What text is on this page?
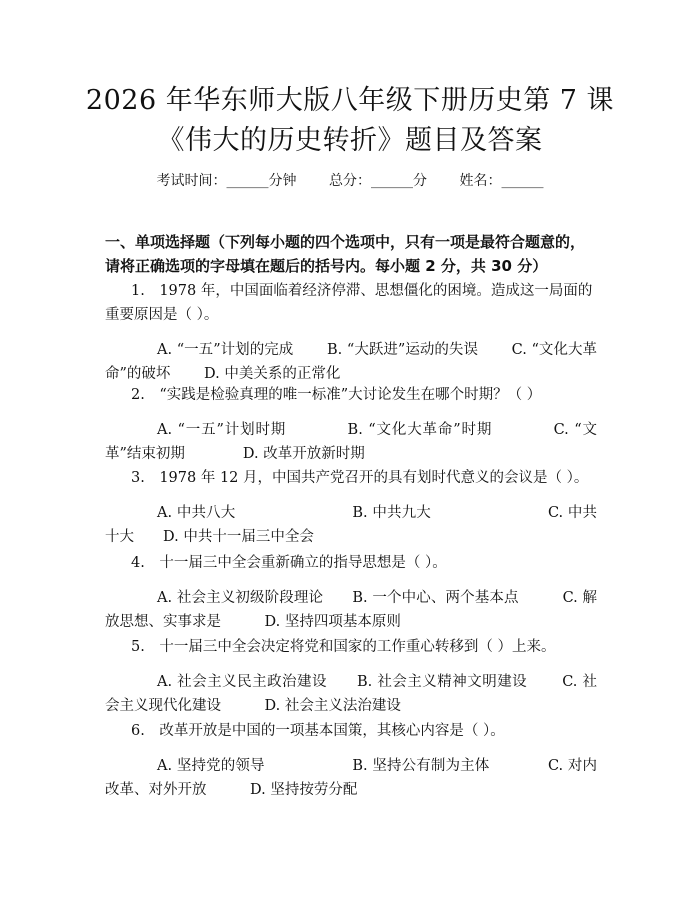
2026 年华东师大版八年级下册历史第 7 课
《伟大的历史转折》题目及答案
考试时间：______分钟 总分：______分 姓名：______
一、单项选择题（下列每小题的四个选项中，只有一项是最符合题意的，请将正确选项的字母填在题后的括号内。每小题 2 分，共 30 分）
1.　1978 年，中国面临着经济停滞、思想僵化的困境。造成这一局面的重要原因是（ ）。
A. “一五”计划的完成　　 B. “大跃进”运动的失误　　 C. “文化大革命”的破坏　　 D. 中美关系的正常化
2.　“实践是检验真理的唯一标准”大讨论发生在哪个时期？（ ）
A. “一五”计划时期　　　　B. “文化大革命”时期　　　　C. “文革”结束初期　　　　D. 改革开放新时期
3.　1978 年 12 月，中国共产党召开的具有划时代意义的会议是（ ）。
A. 中共八大　　　　　　　　B. 中共九大　　　　　　　　C. 中共十大　　D. 中共十一届三中全会
4.　十一届三中全会重新确立的指导思想是（ ）。
A. 社会主义初级阶段理论　　B. 一个中心、两个基本点　　　C. 解放思想、实事求是　　　D. 坚持四项基本原则
5.　十一届三中全会决定将党和国家的工作重心转移到（ ）上来。
A. 社会主义民主政治建设　　B. 社会主义精神文明建设　　 C. 社会主义现代化建设　　　D. 社会主义法治建设
6.　改革开放是中国的一项基本国策，其核心内容是（ ）。
A. 坚持党的领导　　　　　　B. 坚持公有制为主体　　　　C. 对内改革、对外开放　　　D. 坚持按劳分配
